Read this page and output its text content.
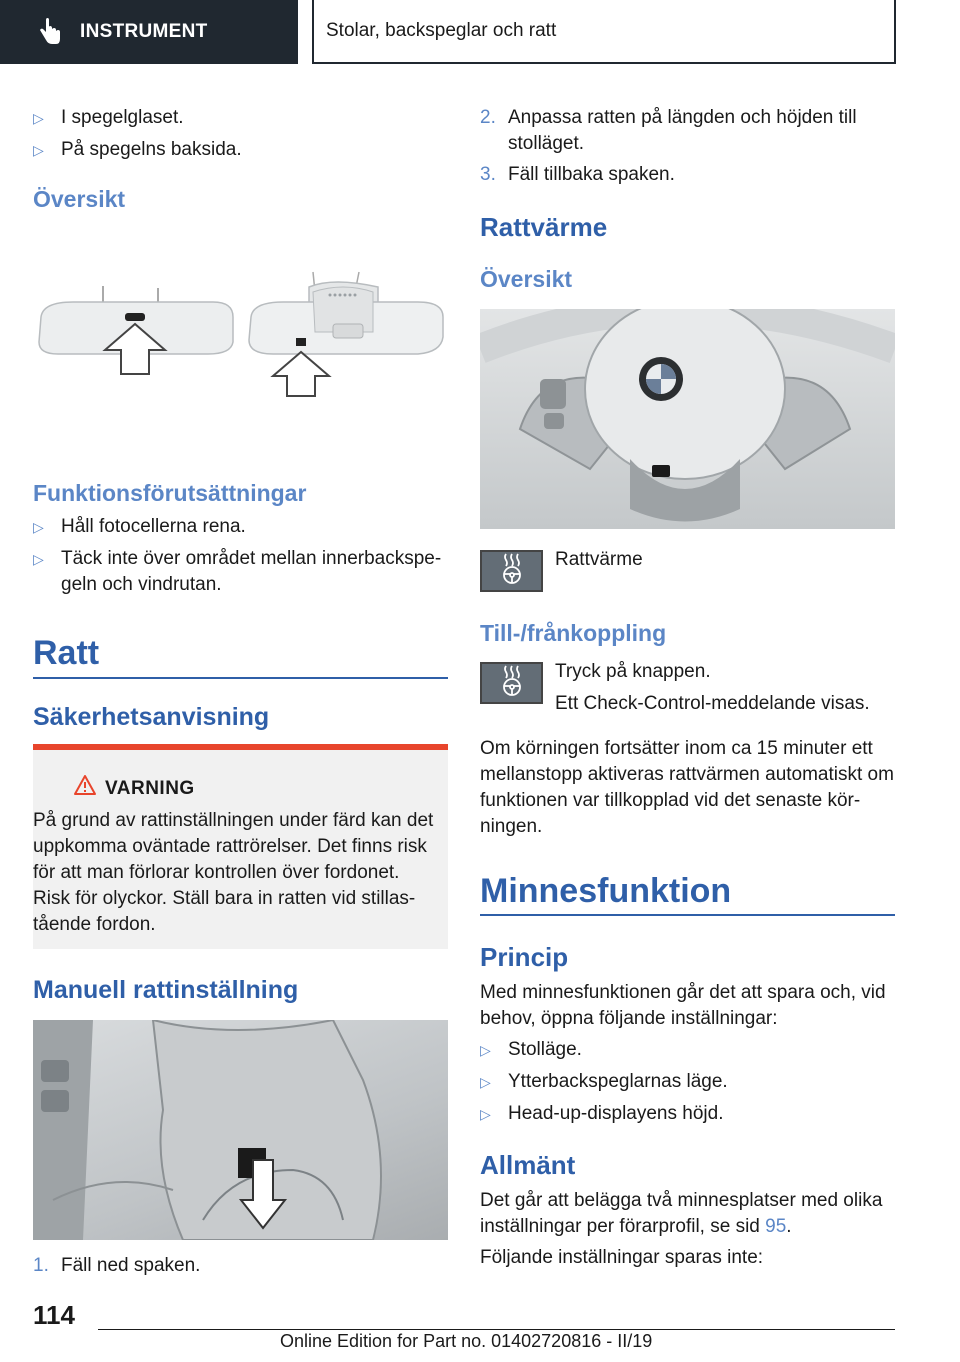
INSTRUMENT	Stolar, backspeglar och ratt
▷ I spegelglaset.
▷ På spegelns baksida.
Översikt
Funktionsförutsättningar
▷ Håll fotocellerna rena.
▷ Täck inte över området mellan innerbackspe-
geln och vindrutan.
Ratt
Säkerhetsanvisning
VARNING
På grund av rattinställningen under färd kan det
uppkomma oväntade rattrörelser. Det finns risk
för att man förlorar kontrollen över fordonet.
Risk för olyckor. Ställ bara in ratten vid stillas-
tående fordon.
Manuell rattinställning
1. Fäll ned spaken.
2. Anpassa ratten på längden och höjden till
stolläget.
3. Fäll tillbaka spaken.
Rattvärme
Översikt
Rattvärme
Till-/frånkoppling
Tryck på knappen.
Ett Check-Control-meddelande visas.
Om körningen fortsätter inom ca 15 minuter ett
mellanstopp aktiveras rattvärmen automatiskt om
funktionen var tillkopplad vid det senaste kör-
ningen.
Minnesfunktion
Princip
Med minnesfunktionen går det att spara och, vid
behov, öppna följande inställningar:
▷ Stolläge.
▷ Ytterbackspeglarnas läge.
▷ Head-up-displayens höjd.
Allmänt
Det går att belägga två minnesplatser med olika
inställningar per förarprofil, se sid 95.
Följande inställningar sparas inte:
114
Online Edition for Part no. 01402720816 - II/19
